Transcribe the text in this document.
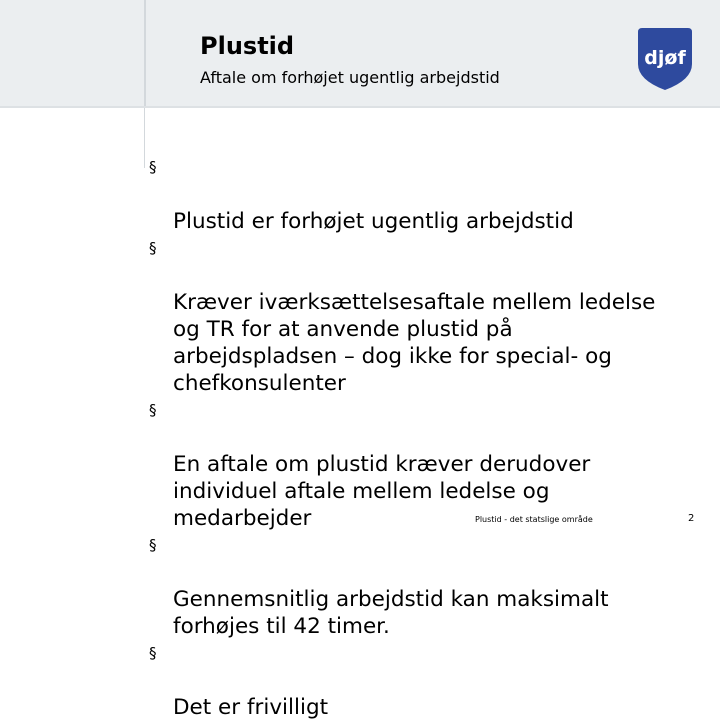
Plustid
Aftale om forhøjet ugentlig arbejdstid
djøf

§

Plustid er forhøjet ugentlig arbejdstid

§

Kræver iværksættelsesaftale mellem ledelse
og TR for at anvende plustid på
arbejdspladsen – dog ikke for special- og
chefkonsulenter

§

En aftale om plustid kræver derudover
individuel aftale mellem ledelse og
medarbejder

§

Gennemsnitlig arbejdstid kan maksimalt
forhøjes til 42 timer.

§

Det er frivilligt

Plustid - det statslige område	2
